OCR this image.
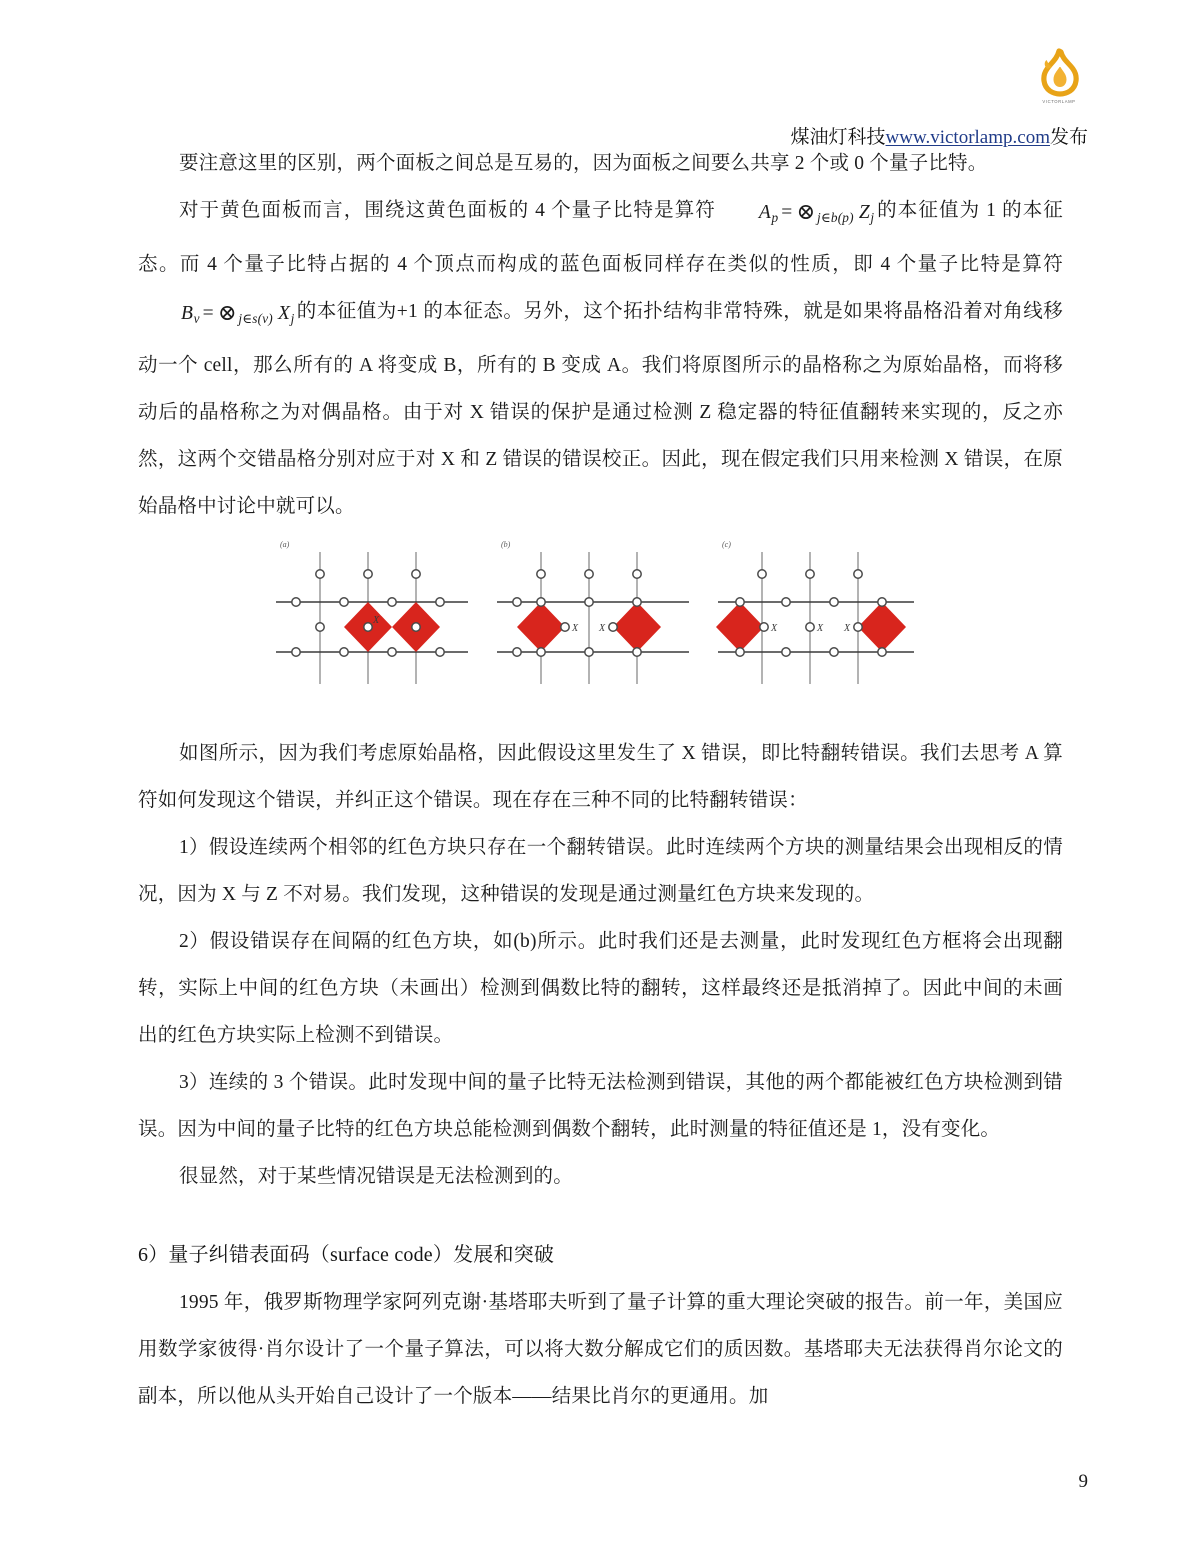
VICTORLAMP
煤油灯科技www.victorlamp.com发布

要注意这里的区别，两个面板之间总是互易的，因为面板之间要么共享 2 个或 0 个量子比特。

对于黄色面板而言，围绕这黄色面板的 4 个量子比特是算符 $A_p$ = ⊗ $_{j\in b(p)}$ $Z_j$ 的本征值为 1 的本征态。而 4 个量子比特占据的 4 个顶点而构成的蓝色面板同样存在类似的性质，即 4 个量子比特是算符$B_v$ = ⊗ $_{j\in s(v)}$ $X_j$ 的本征值为+1 的本征态。另外，这个拓扑结构非常特殊，就是如果将晶格沿着对角线移动一个 cell，那么所有的 A 将变成 B，所有的 B 变成 A。我们将原图所示的晶格称之为原始晶格，而将移动后的晶格称之为对偶晶格。由于对 X 错误的保护是通过检测 Z 稳定器的特征值翻转来实现的，反之亦然，这两个交错晶格分别对应于对 X 和 Z 错误的错误校正。因此，现在假定我们只用来检测 X 错误，在原始晶格中讨论中就可以。

(a)
X
(b)
X X
(c)
X	X X

如图所示，因为我们考虑原始晶格，因此假设这里发生了 X 错误，即比特翻转错误。我们去思考 A 算符如何发现这个错误，并纠正这个错误。现在存在三种不同的比特翻转错误：

1）假设连续两个相邻的红色方块只存在一个翻转错误。此时连续两个方块的测量结果会出现相反的情况，因为 X 与 Z 不对易。我们发现，这种错误的发现是通过测量红色方块来发现的。

2）假设错误存在间隔的红色方块，如(b)所示。此时我们还是去测量，此时发现红色方框将会出现翻转，实际上中间的红色方块（未画出）检测到偶数比特的翻转，这样最终还是抵消掉了。因此中间的未画出的红色方块实际上检测不到错误。

3）连续的 3 个错误。此时发现中间的量子比特无法检测到错误，其他的两个都能被红色方块检测到错误。因为中间的量子比特的红色方块总能检测到偶数个翻转，此时测量的特征值还是 1，没有变化。

很显然，对于某些情况错误是无法检测到的。

6）量子纠错表面码（surface code）发展和突破

1995 年，俄罗斯物理学家阿列克谢·基塔耶夫听到了量子计算的重大理论突破的报告。前一年，美国应用数学家彼得·肖尔设计了一个量子算法，可以将大数分解成它们的质因数。基塔耶夫无法获得肖尔论文的副本，所以他从头开始自己设计了一个版本——结果比肖尔的更通用。加

9
